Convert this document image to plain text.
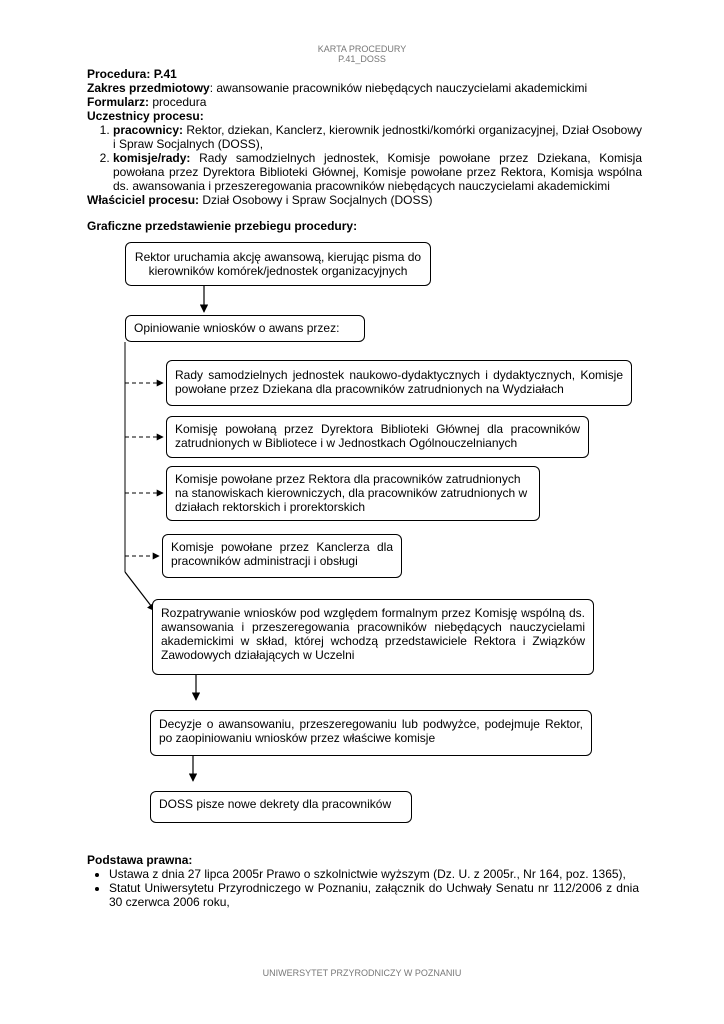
KARTA PROCEDURY
P.41_DOSS
Procedura: P.41
Zakres przedmiotowy: awansowanie pracowników niebędących nauczycielami akademickimi
Formularz: procedura
Uczestnicy procesu:
1. pracownicy: Rektor, dziekan, Kanclerz, kierownik jednostki/komórki organizacyjnej, Dział Osobowy i Spraw Socjalnych (DOSS),
2. komisje/rady: Rady samodzielnych jednostek, Komisje powołane przez Dziekana, Komisja powołana przez Dyrektora Biblioteki Głównej, Komisje powołane przez Rektora, Komisja wspólna ds. awansowania i przeszeregowania pracowników niebędących nauczycielami akademickimi
Właściciel procesu: Dział Osobowy i Spraw Socjalnych (DOSS)
Graficzne przedstawienie przebiegu procedury:
Rektor uruchamia akcję awansową, kierując pisma do kierowników komórek/jednostek organizacyjnych
Opiniowanie wniosków o awans przez:
Rady samodzielnych jednostek naukowo-dydaktycznych i dydaktycznych, Komisje powołane przez Dziekana dla pracowników zatrudnionych na Wydziałach
Komisję powołaną przez Dyrektora Biblioteki Głównej dla pracowników zatrudnionych w Bibliotece i w Jednostkach Ogólnouczelnianych
Komisje powołane przez Rektora dla pracowników zatrudnionych na stanowiskach kierowniczych, dla pracowników zatrudnionych w działach rektorskich i prorektorskich
Komisje powołane przez Kanclerza dla pracowników administracji i obsługi
Rozpatrywanie wniosków pod względem formalnym przez Komisję wspólną ds. awansowania i przeszeregowania pracowników niebędących nauczycielami akademickimi w skład, której wchodzą przedstawiciele Rektora i Związków Zawodowych działających w Uczelni
Decyzje o awansowaniu, przeszeregowaniu lub podwyżce, podejmuje Rektor, po zaopiniowaniu wniosków przez właściwe komisje
DOSS pisze nowe dekrety dla pracowników
Podstawa prawna:
• Ustawa z dnia 27 lipca 2005r Prawo o szkolnictwie wyższym (Dz. U. z 2005r., Nr 164, poz. 1365),
• Statut Uniwersytetu Przyrodniczego w Poznaniu, załącznik do Uchwały Senatu nr 112/2006 z dnia 30 czerwca 2006 roku,
UNIWERSYTET PRZYRODNICZY W POZNANIU
